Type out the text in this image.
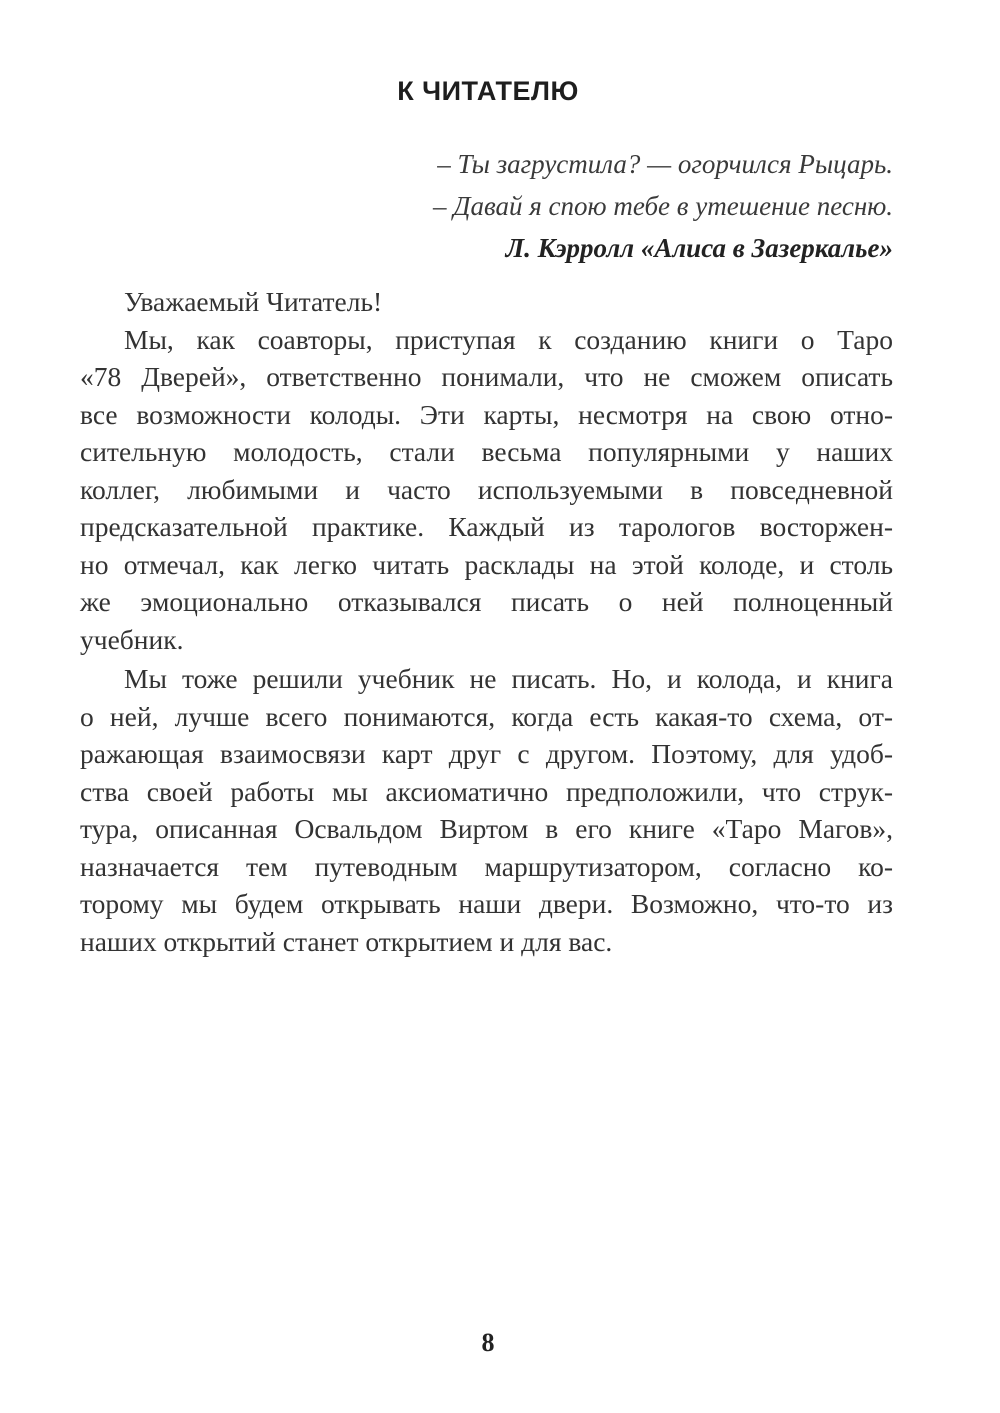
К ЧИТАТЕЛЮ
– Ты загрустила? — огорчился Рыцарь.
– Давай я спою тебе в утешение песню.
Л. Кэрролл «Алиса в Зазеркалье»
Уважаемый Читатель!
Мы, как соавторы, приступая к созданию книги о Таро
«78 Дверей», ответственно понимали, что не сможем описать
все возможности колоды. Эти карты, несмотря на свою отно-
сительную молодость, стали весьма популярными у наших
коллег, любимыми и часто используемыми в повседневной
предсказательной практике. Каждый из тарологов восторжен-
но отмечал, как легко читать расклады на этой колоде, и столь
же эмоционально отказывался писать о ней полноценный
учебник.
Мы тоже решили учебник не писать. Но, и колода, и книга
о ней, лучше всего понимаются, когда есть какая-то схема, от-
ражающая взаимосвязи карт друг с другом. Поэтому, для удоб-
ства своей работы мы аксиоматично предположили, что струк-
тура, описанная Освальдом Виртом в его книге «Таро Магов»,
назначается тем путеводным маршрутизатором, согласно ко-
торому мы будем открывать наши двери. Возможно, что-то из
наших открытий станет открытием и для вас.
8
